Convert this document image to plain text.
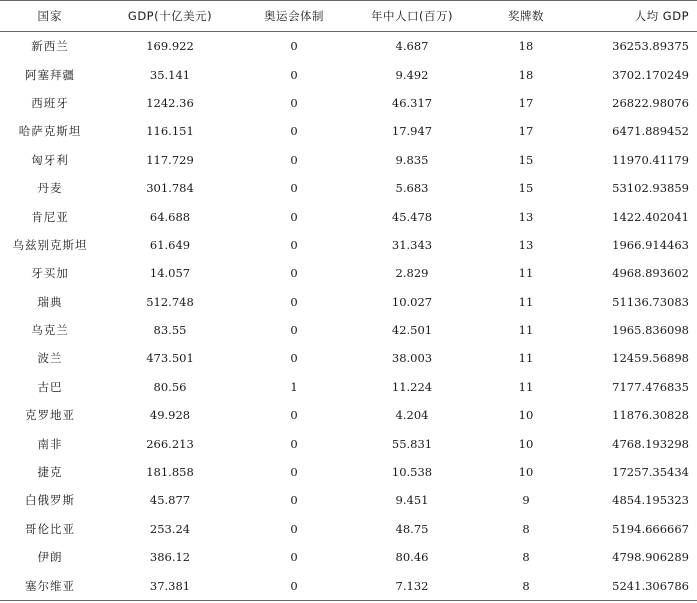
国家	GDP(十亿美元)	奥运会体制	年中人口(百万)	奖牌数	人均 GDP
新西兰	169.922	0	4.687	18	36253.89375
阿塞拜疆	35.141	0	9.492	18	3702.170249
西班牙	1242.36	0	46.317	17	26822.98076
哈萨克斯坦	116.151	0	17.947	17	6471.889452
匈牙利	117.729	0	9.835	15	11970.41179
丹麦	301.784	0	5.683	15	53102.93859
肯尼亚	64.688	0	45.478	13	1422.402041
乌兹别克斯坦	61.649	0	31.343	13	1966.914463
牙买加	14.057	0	2.829	11	4968.893602
瑞典	512.748	0	10.027	11	51136.73083
乌克兰	83.55	0	42.501	11	1965.836098
波兰	473.501	0	38.003	11	12459.56898
古巴	80.56	1	11.224	11	7177.476835
克罗地亚	49.928	0	4.204	10	11876.30828
南非	266.213	0	55.831	10	4768.193298
捷克	181.858	0	10.538	10	17257.35434
白俄罗斯	45.877	0	9.451	9	4854.195323
哥伦比亚	253.24	0	48.75	8	5194.666667
伊朗	386.12	0	80.46	8	4798.906289
塞尔维亚	37.381	0	7.132	8	5241.306786
